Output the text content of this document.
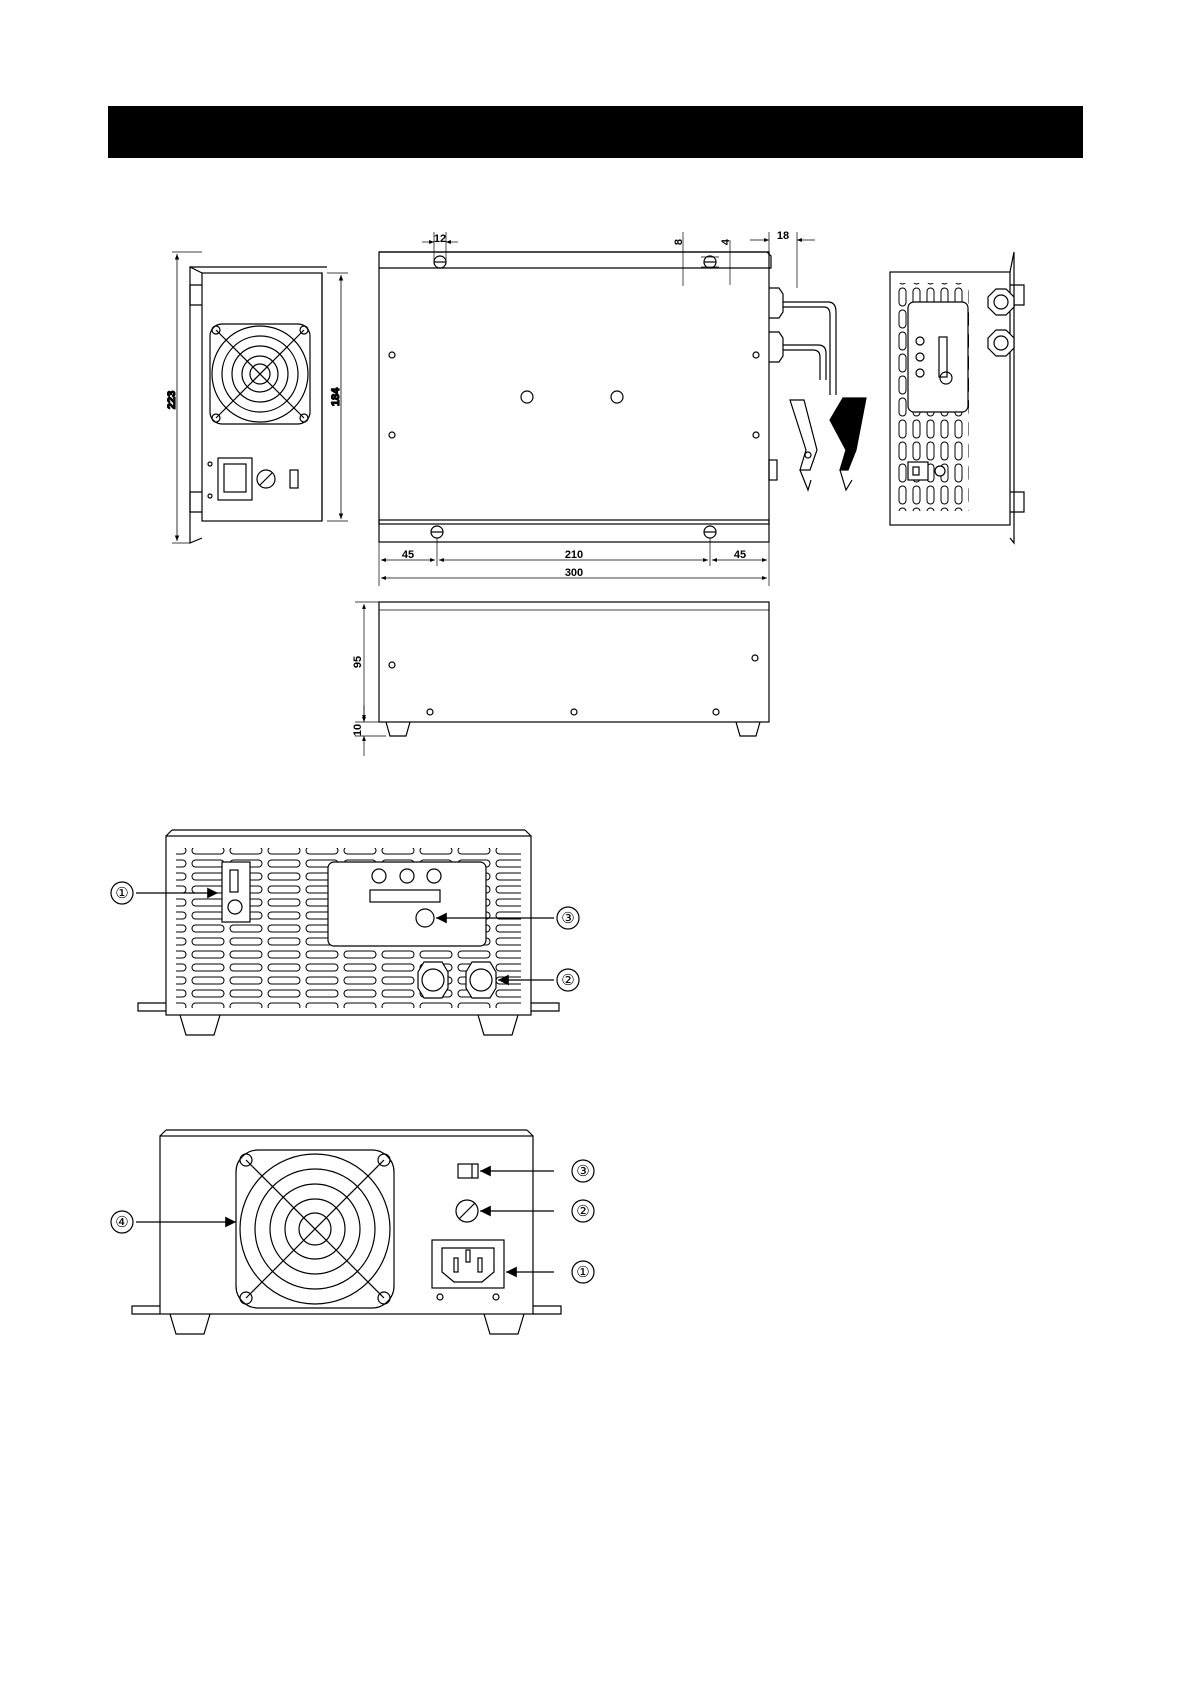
223	184
12	8	4	18
45	210	45
300
95
10
①
②
③
①
②
③
④
